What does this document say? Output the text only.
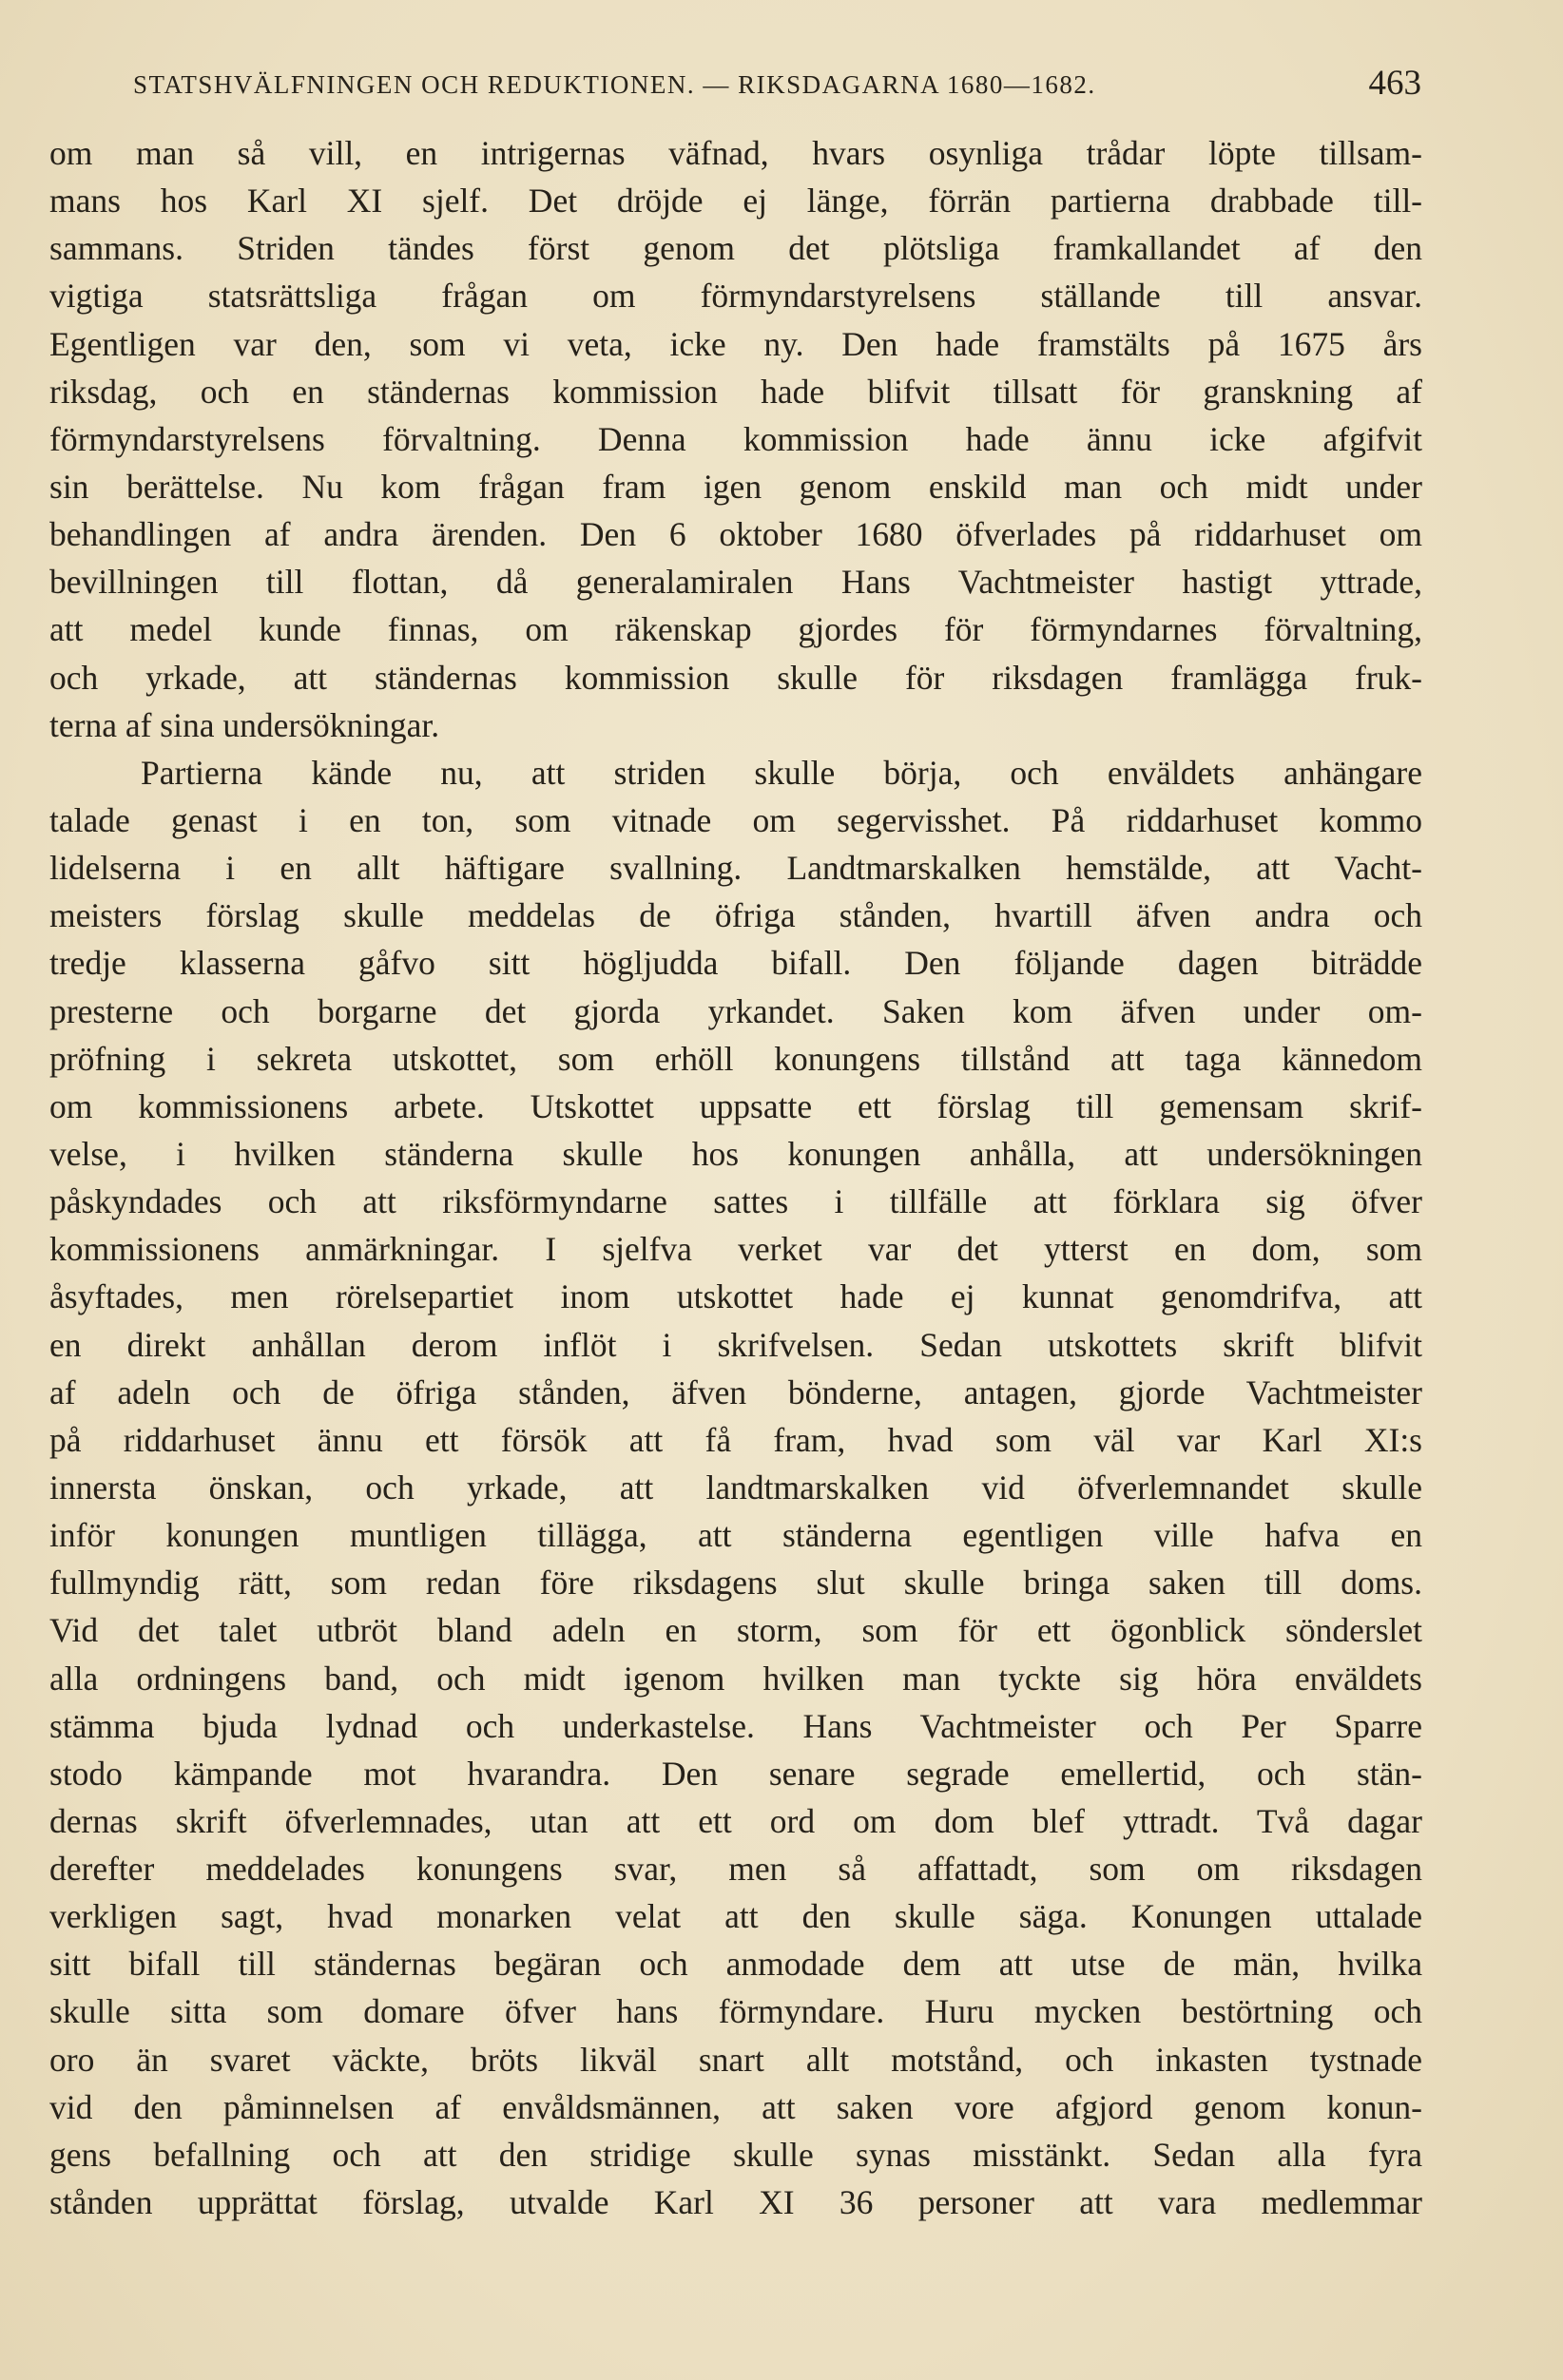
STATSHVÄLFNINGEN OCH REDUKTIONEN. — RIKSDAGARNA 1680—1682.	463
om man så vill, en intrigernas väfnad, hvars osynliga trådar löpte tillsam-
mans hos Karl XI sjelf. Det dröjde ej länge, förrän partierna drabbade till-
sammans. Striden tändes först genom det plötsliga framkallandet af den
vigtiga statsrättsliga frågan om förmyndarstyrelsens ställande till ansvar.
Egentligen var den, som vi veta, icke ny. Den hade framstälts på 1675 års
riksdag, och en ständernas kommission hade blifvit tillsatt för granskning af
förmyndarstyrelsens förvaltning. Denna kommission hade ännu icke afgifvit
sin berättelse. Nu kom frågan fram igen genom enskild man och midt under
behandlingen af andra ärenden. Den 6 oktober 1680 öfverlades på riddarhuset om
bevillningen till flottan, då generalamiralen Hans Vachtmeister hastigt yttrade,
att medel kunde finnas, om räkenskap gjordes för förmyndarnes förvaltning,
och yrkade, att ständernas kommission skulle för riksdagen framlägga fruk-
terna af sina undersökningar.
Partierna kände nu, att striden skulle börja, och enväldets anhängare
talade genast i en ton, som vitnade om segervisshet. På riddarhuset kommo
lidelserna i en allt häftigare svallning. Landtmarskalken hemstälde, att Vacht-
meisters förslag skulle meddelas de öfriga stånden, hvartill äfven andra och
tredje klasserna gåfvo sitt högljudda bifall. Den följande dagen biträdde
presterne och borgarne det gjorda yrkandet. Saken kom äfven under om-
pröfning i sekreta utskottet, som erhöll konungens tillstånd att taga kännedom
om kommissionens arbete. Utskottet uppsatte ett förslag till gemensam skrif-
velse, i hvilken ständerna skulle hos konungen anhålla, att undersökningen
påskyndades och att riksförmyndarne sattes i tillfälle att förklara sig öfver
kommissionens anmärkningar. I sjelfva verket var det ytterst en dom, som
åsyftades, men rörelsepartiet inom utskottet hade ej kunnat genomdrifva, att
en direkt anhållan derom inflöt i skrifvelsen. Sedan utskottets skrift blifvit
af adeln och de öfriga stånden, äfven bönderne, antagen, gjorde Vachtmeister
på riddarhuset ännu ett försök att få fram, hvad som väl var Karl XI:s
innersta önskan, och yrkade, att landtmarskalken vid öfverlemnandet skulle
inför konungen muntligen tillägga, att ständerna egentligen ville hafva en
fullmyndig rätt, som redan före riksdagens slut skulle bringa saken till doms.
Vid det talet utbröt bland adeln en storm, som för ett ögonblick sönderslet
alla ordningens band, och midt igenom hvilken man tyckte sig höra enväldets
stämma bjuda lydnad och underkastelse. Hans Vachtmeister och Per Sparre
stodo kämpande mot hvarandra. Den senare segrade emellertid, och stän-
dernas skrift öfverlemnades, utan att ett ord om dom blef yttradt. Två dagar
derefter meddelades konungens svar, men så affattadt, som om riksdagen
verkligen sagt, hvad monarken velat att den skulle säga. Konungen uttalade
sitt bifall till ständernas begäran och anmodade dem att utse de män, hvilka
skulle sitta som domare öfver hans förmyndare. Huru mycken bestörtning och
oro än svaret väckte, bröts likväl snart allt motstånd, och inkasten tystnade
vid den påminnelsen af envåldsmännen, att saken vore afgjord genom konun-
gens befallning och att den stridige skulle synas misstänkt. Sedan alla fyra
stånden upprättat förslag, utvalde Karl XI 36 personer att vara medlemmar
